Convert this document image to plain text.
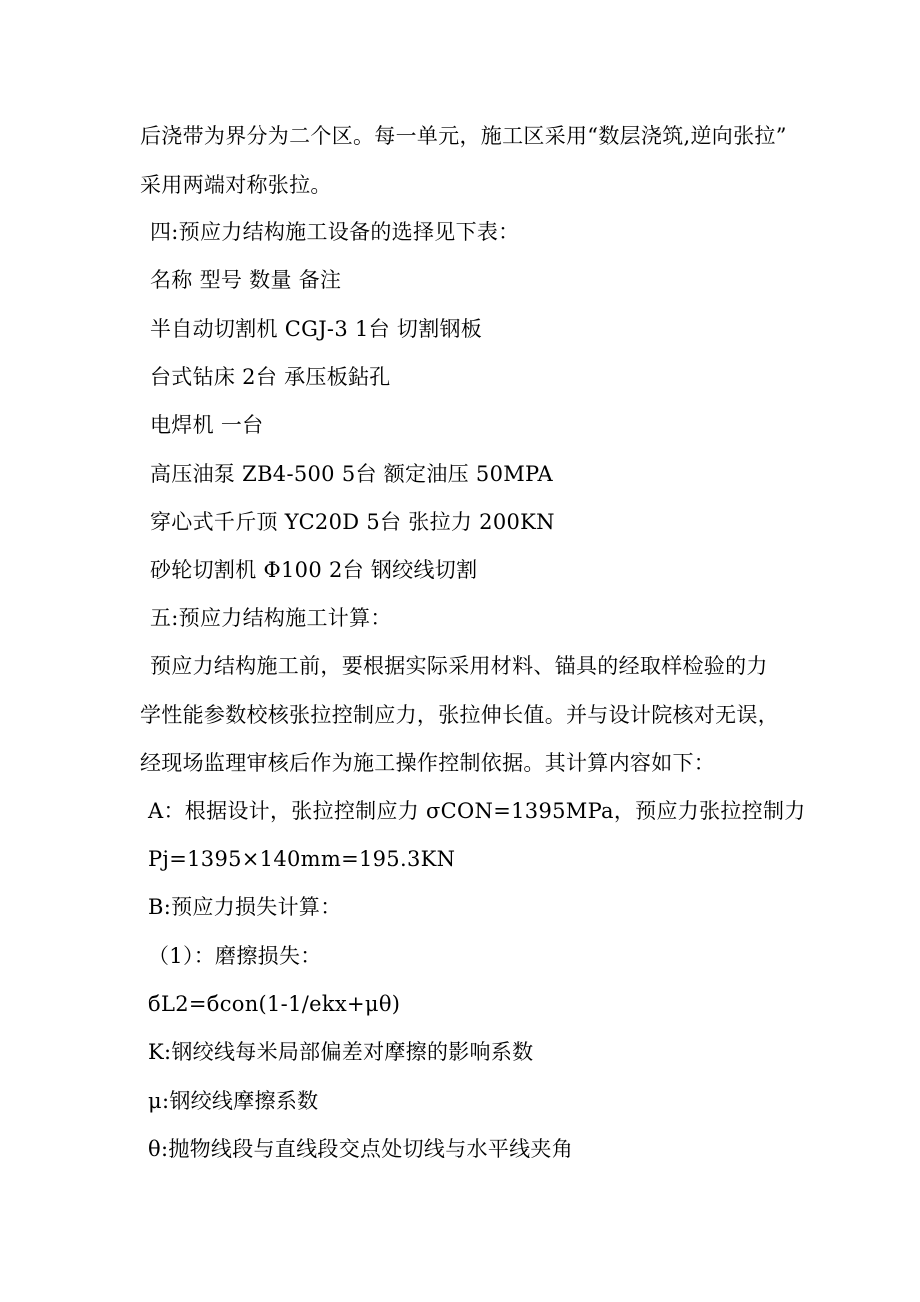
后浇带为界分为二个区。每一单元，施工区采用“数层浇筑,逆向张拉”
采用两端对称张拉。
四:预应力结构施工设备的选择见下表：
名称 型号 数量 备注
半自动切割机 CGJ-3 1台 切割钢板
台式钻床 2台 承压板鉆孔
电焊机 一台
高压油泵 ZB4-500 5台 额定油压 50MPA
穿心式千斤顶 YC20D 5台 张拉力 200KN
砂轮切割机 Φ100 2台 钢绞线切割
五:预应力结构施工计算：
预应力结构施工前，要根据实际采用材料、锚具的经取样检验的力
学性能参数校核张拉控制应力，张拉伸长值。并与设计院核对无误，
经现场监理审核后作为施工操作控制依据。其计算内容如下：
A：根据设计，张拉控制应力 σCON=1395MPa，预应力张拉控制力
Pj=1395×140mm=195.3KN
B:预应力损失计算：
（1）：磨擦损失：
бL2=бcon(1-1/ekx+μθ)
K:钢绞线每米局部偏差对摩擦的影响系数
μ:钢绞线摩擦系数
θ:抛物线段与直线段交点处切线与水平线夹角
